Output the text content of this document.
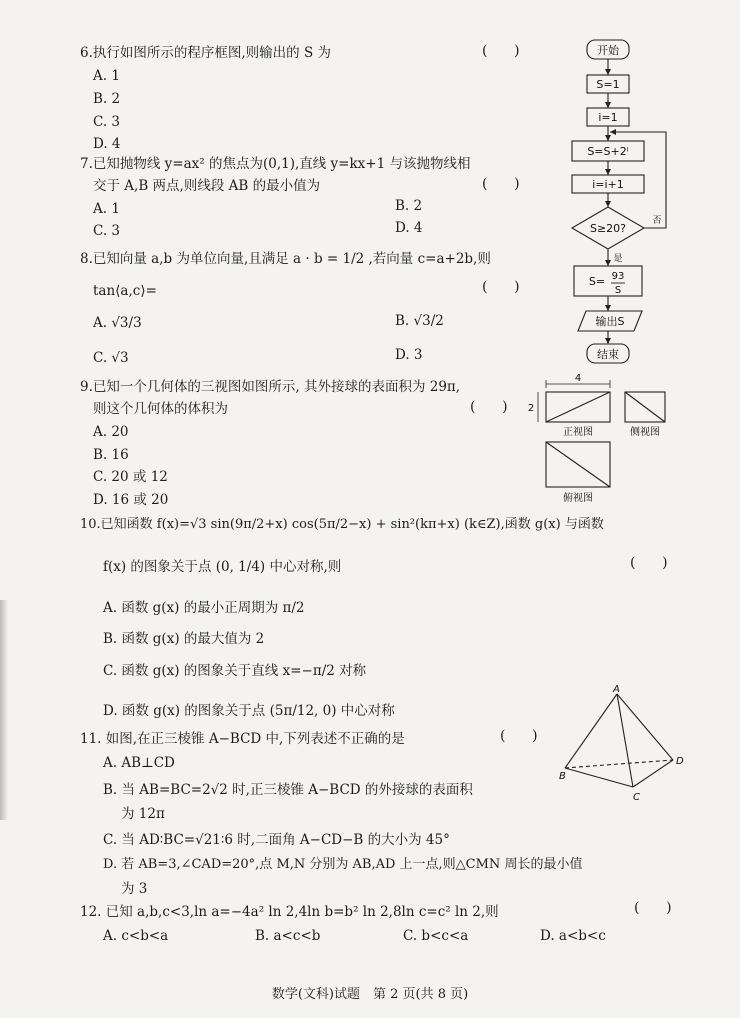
6.执行如图所示的程序框图,则输出的 S 为	(      )
A. 1
B. 2
C. 3
D. 4
7.已知抛物线 y=ax² 的焦点为(0,1),直线 y=kx+1 与该抛物线相
交于 A,B 两点,则线段 AB 的最小值为	(      )
A. 1	B. 2
C. 3	D. 4
8.已知向量 a,b 为单位向量,且满足 a · b = 1/2 ,若向量 c=a+2b,则
tan⟨a,c⟩=	(      )
A. √3/3	B. √3/2
C. √3	D. 3
9.已知一个几何体的三视图如图所示, 其外接球的表面积为 29π,
则这个几何体的体积为	(      )
A. 20
B. 16
C. 20 或 12
D. 16 或 20
10.已知函数 f(x)=√3 sin(9π/2+x) cos(5π/2−x) + sin²(kπ+x) (k∈Z),函数 g(x) 与函数
f(x) 的图象关于点 (0, 1/4) 中心对称,则	(      )
A. 函数 g(x) 的最小正周期为 π/2
B. 函数 g(x) 的最大值为 2
C. 函数 g(x) 的图象关于直线 x=−π/2 对称
D. 函数 g(x) 的图象关于点 (5π/12, 0) 中心对称
11. 如图,在正三棱锥 A−BCD 中,下列表述不正确的是	(      )
A. AB⊥CD
B. 当 AB=BC=2√2 时,正三棱锥 A−BCD 的外接球的表面积
为 12π
C. 当 AD∶BC=√21∶6 时,二面角 A−CD−B 的大小为 45°
D. 若 AB=3,∠CAD=20°,点 M,N 分别为 AB,AD 上一点,则△CMN 周长的最小值
为 3
12. 已知 a,b,c<3,ln a=−4a² ln 2,4ln b=b² ln 2,8ln c=c² ln 2,则	(      )
A. c<b<a	B. a<c<b	C. b<c<a	D. a<b<c
开始
S=1
i=1
S=S+2ⁱ
i=i+1
S≥20?
S= 93
S
输出S
结束
否
是
4
2
正视图	侧视图
俯视图
A
B
C
D
数学(文科)试题　第 2 页(共 8 页)
